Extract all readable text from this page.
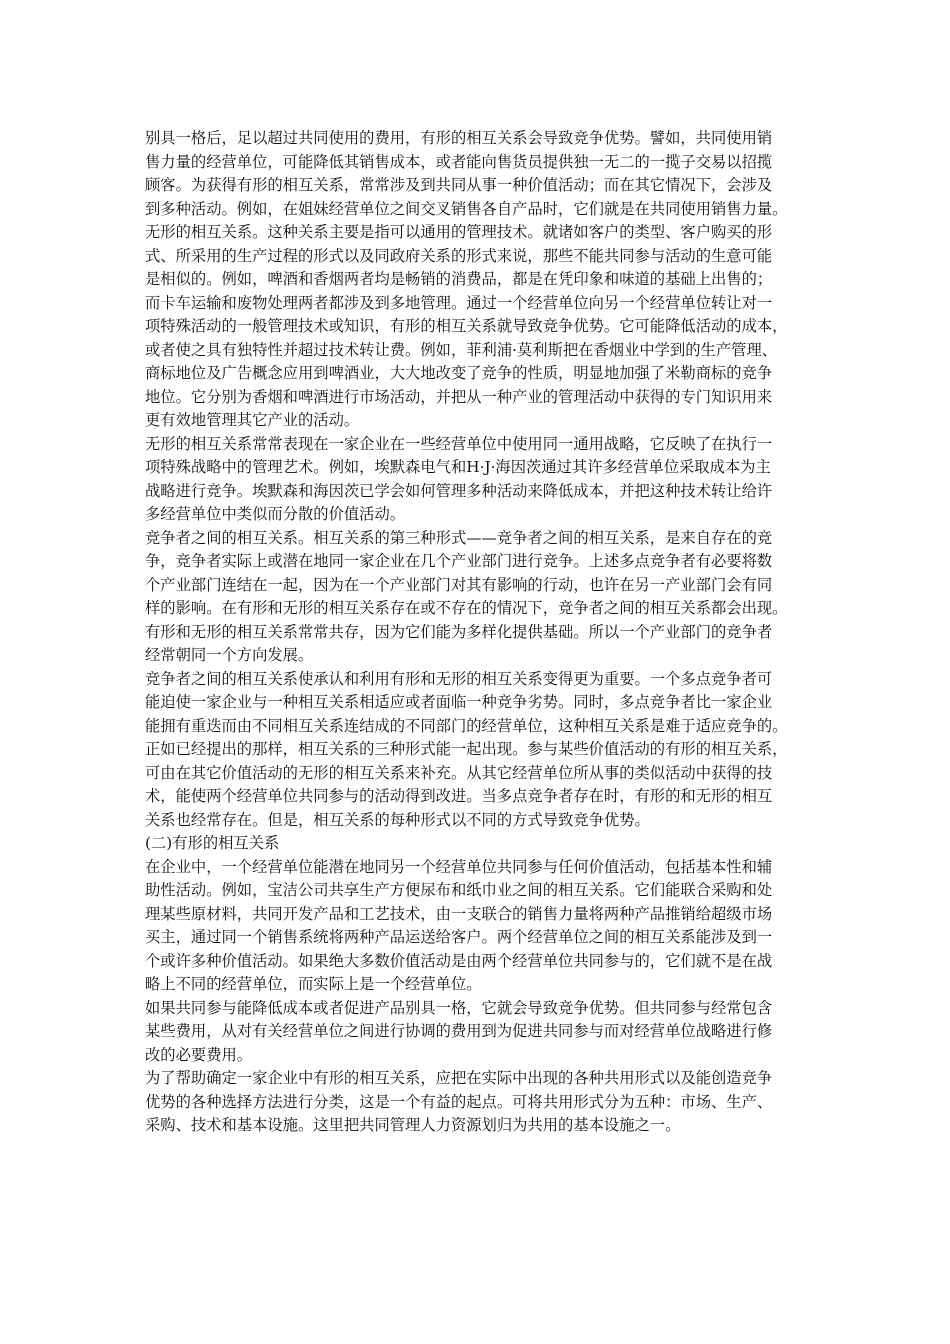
别具一格后，足以超过共同使用的费用，有形的相互关系会导致竞争优势。譬如，共同使用销
售力量的经营单位，可能降低其销售成本，或者能向售货员提供独一无二的一揽子交易以招揽
顾客。为获得有形的相互关系，常常涉及到共同从事一种价值活动；而在其它情况下，会涉及
到多种活动。例如，在姐妹经营单位之间交叉销售各自产品时，它们就是在共同使用销售力量。
无形的相互关系。这种关系主要是指可以通用的管理技术。就诸如客户的类型、客户购买的形
式、所采用的生产过程的形式以及同政府关系的形式来说，那些不能共同参与活动的生意可能
是相似的。例如，啤酒和香烟两者均是畅销的消费品，都是在凭印象和味道的基础上出售的；
而卡车运输和废物处理两者都涉及到多地管理。通过一个经营单位向另一个经营单位转让对一
项特殊活动的一般管理技术或知识，有形的相互关系就导致竞争优势。它可能降低活动的成本，
或者使之具有独特性并超过技术转让费。例如，菲利浦·莫利斯把在香烟业中学到的生产管理、
商标地位及广告概念应用到啤酒业，大大地改变了竞争的性质，明显地加强了米勒商标的竞争
地位。它分别为香烟和啤酒进行市场活动，并把从一种产业的管理活动中获得的专门知识用来
更有效地管理其它产业的活动。
无形的相互关系常常表现在一家企业在一些经营单位中使用同一通用战略，它反映了在执行一
项特殊战略中的管理艺术。例如，埃默森电气和H·J·海因茨通过其许多经营单位采取成本为主
战略进行竞争。埃默森和海因茨已学会如何管理多种活动来降低成本，并把这种技术转让给许
多经营单位中类似而分散的价值活动。
竞争者之间的相互关系。相互关系的第三种形式——竞争者之间的相互关系，是来自存在的竞
争，竞争者实际上或潜在地同一家企业在几个产业部门进行竞争。上述多点竞争者有必要将数
个产业部门连结在一起，因为在一个产业部门对其有影响的行动，也许在另一产业部门会有同
样的影响。在有形和无形的相互关系存在或不存在的情况下，竞争者之间的相互关系都会出现。
有形和无形的相互关系常常共存，因为它们能为多样化提供基础。所以一个产业部门的竞争者
经常朝同一个方向发展。
竞争者之间的相互关系使承认和利用有形和无形的相互关系变得更为重要。一个多点竞争者可
能迫使一家企业与一种相互关系相适应或者面临一种竞争劣势。同时，多点竞争者比一家企业
能拥有重迭而由不同相互关系连结成的不同部门的经营单位，这种相互关系是难于适应竞争的。
正如已经提出的那样，相互关系的三种形式能一起出现。参与某些价值活动的有形的相互关系，
可由在其它价值活动的无形的相互关系来补充。从其它经营单位所从事的类似活动中获得的技
术，能使两个经营单位共同参与的活动得到改进。当多点竞争者存在时，有形的和无形的相互
关系也经常存在。但是，相互关系的每种形式以不同的方式导致竞争优势。
(二)有形的相互关系
在企业中，一个经营单位能潜在地同另一个经营单位共同参与任何价值活动，包括基本性和辅
助性活动。例如，宝洁公司共享生产方便尿布和纸巾业之间的相互关系。它们能联合采购和处
理某些原材料，共同开发产品和工艺技术，由一支联合的销售力量将两种产品推销给超级市场
买主，通过同一个销售系统将两种产品运送给客户。两个经营单位之间的相互关系能涉及到一
个或许多种价值活动。如果绝大多数价值活动是由两个经营单位共同参与的，它们就不是在战
略上不同的经营单位，而实际上是一个经营单位。
如果共同参与能降低成本或者促进产品别具一格，它就会导致竞争优势。但共同参与经常包含
某些费用，从对有关经营单位之间进行协调的费用到为促进共同参与而对经营单位战略进行修
改的必要费用。
为了帮助确定一家企业中有形的相互关系，应把在实际中出现的各种共用形式以及能创造竞争
优势的各种选择方法进行分类，这是一个有益的起点。可将共用形式分为五种：市场、生产、
采购、技术和基本设施。这里把共同管理人力资源划归为共用的基本设施之一。
